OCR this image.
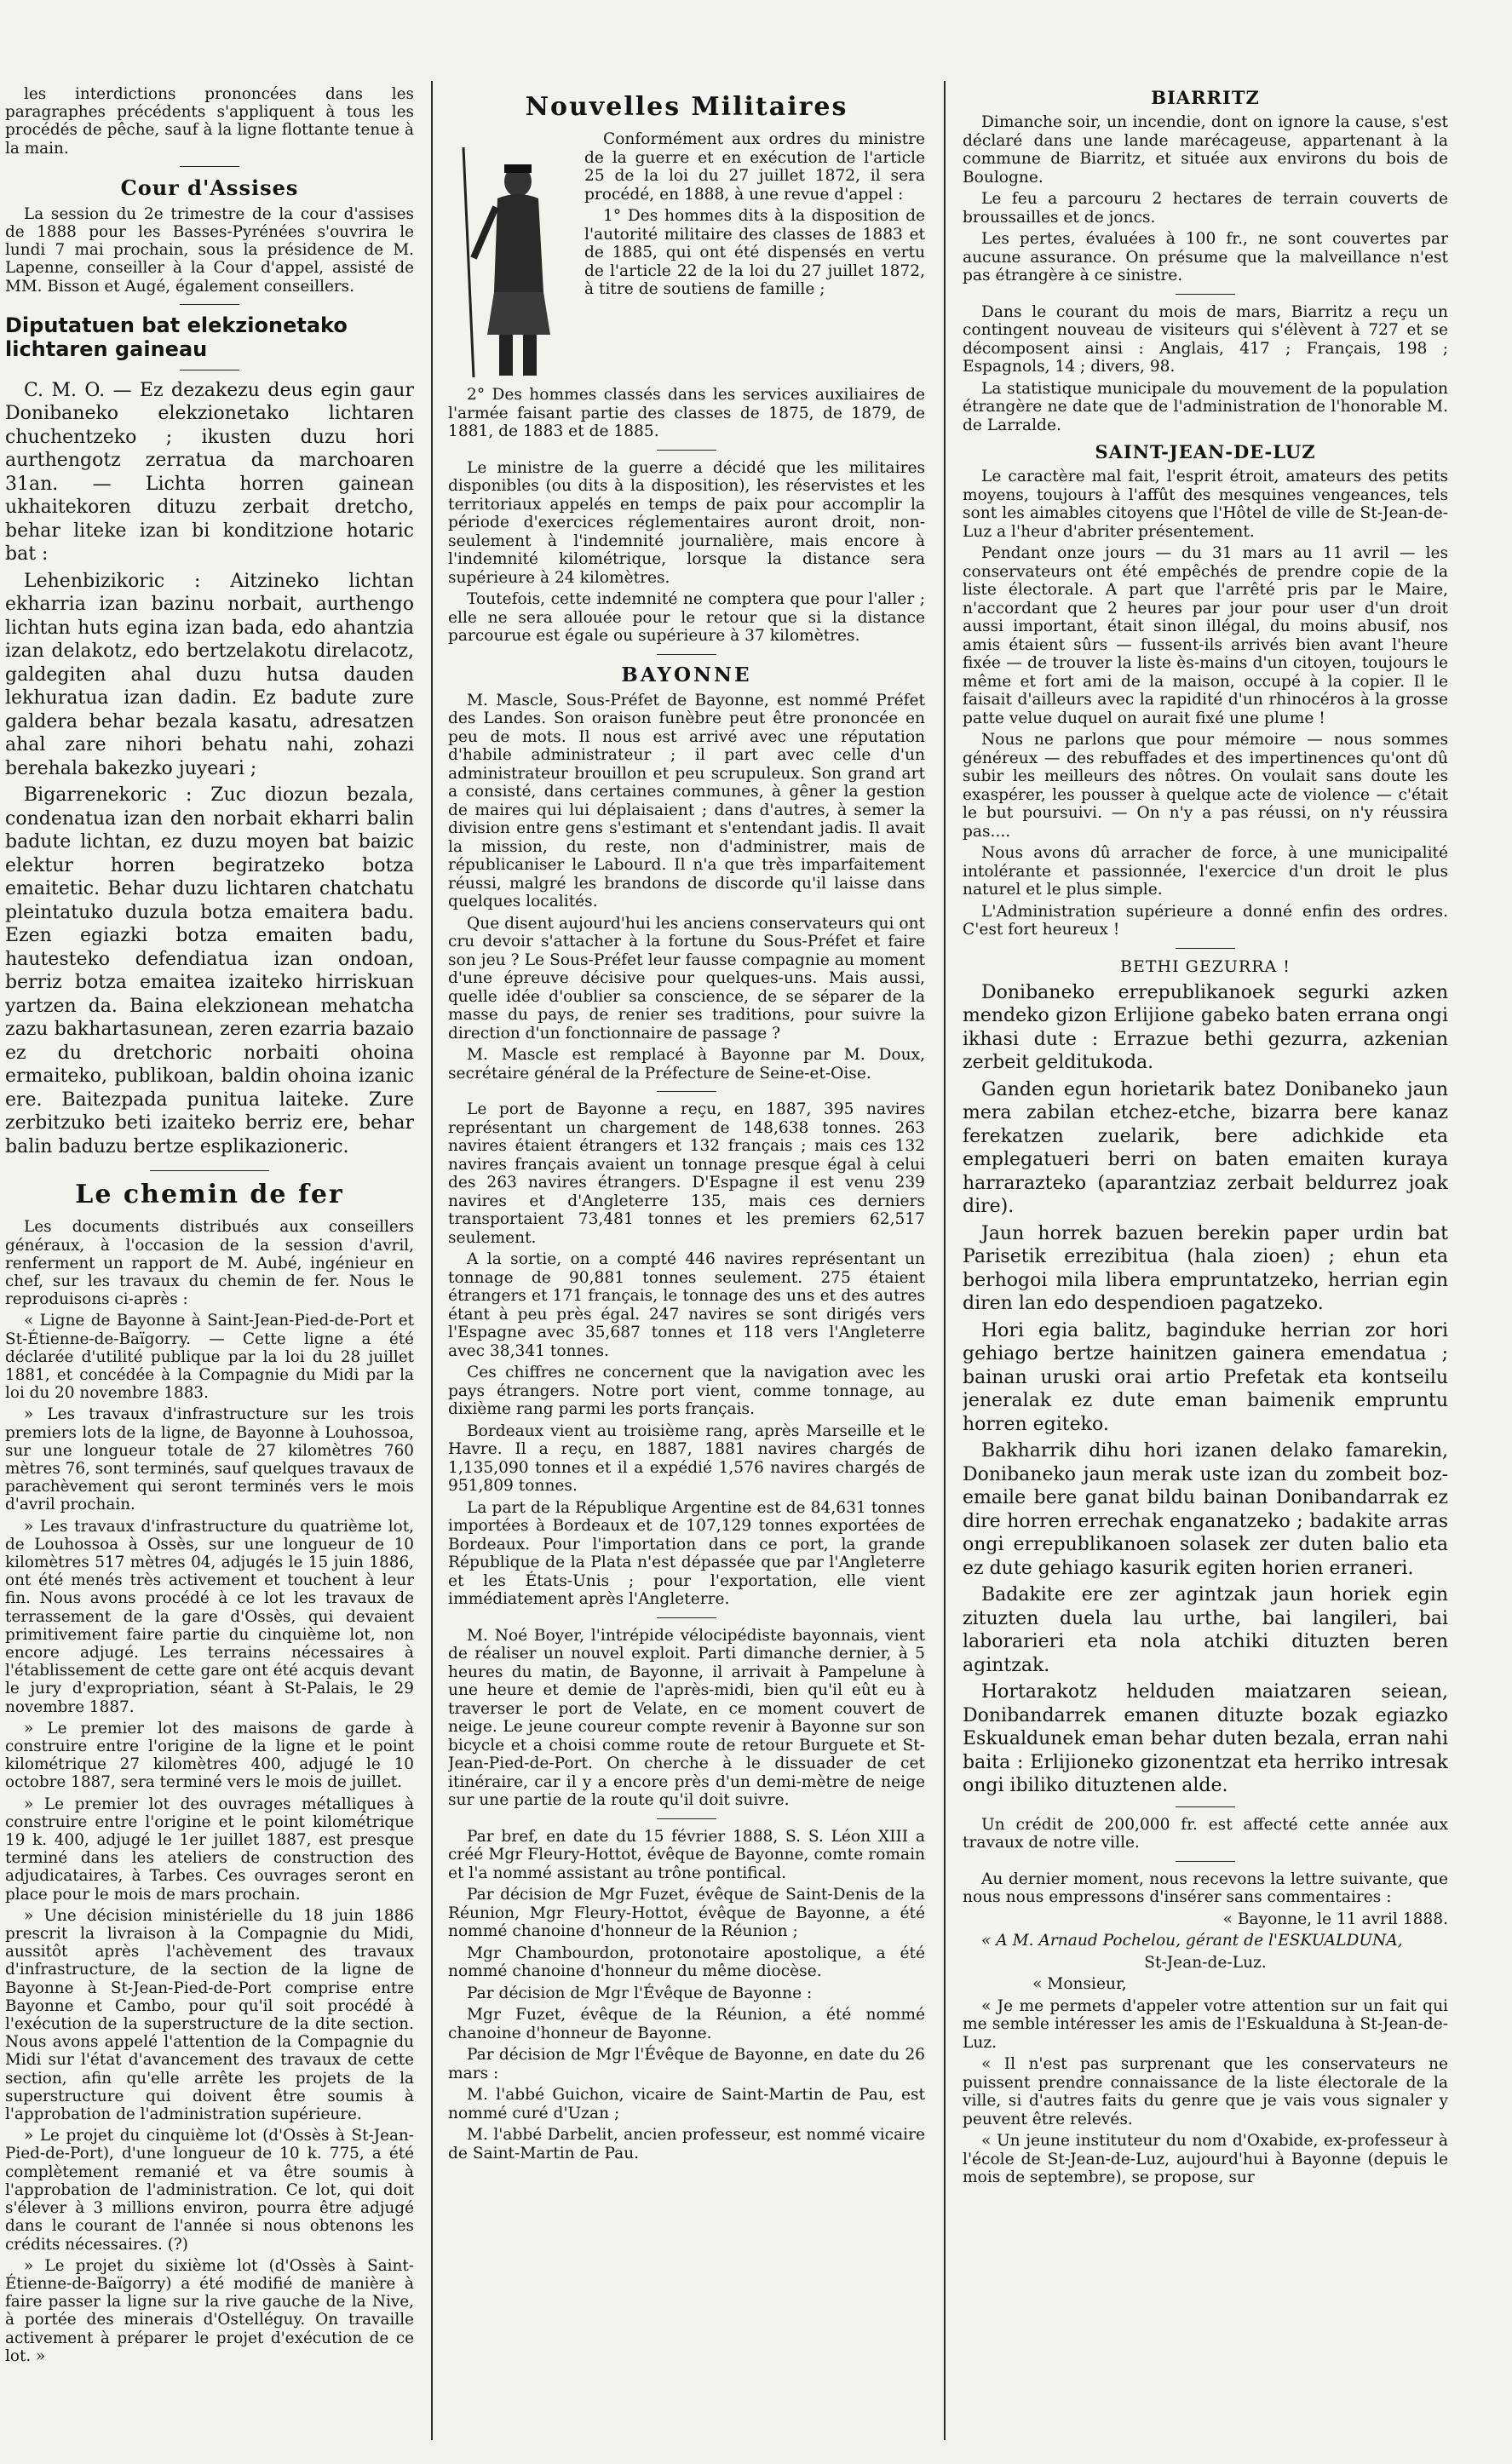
les interdictions prononcées dans les paragraphes précédents s'appliquent à tous les procédés de pêche, sauf à la ligne flottante tenue à la main.

Cour d'Assises

La session du 2e trimestre de la cour d'assises de 1888 pour les Basses-Pyrénées s'ouvrira le lundi 7 mai prochain, sous la présidence de M. Lapenne, conseiller à la Cour d'appel, assisté de MM. Bisson et Augé, également conseillers.

Diputatuen bat elekzionetako lichtaren gaineau

C. M. O. — Ez dezakezu deus egin gaur Donibaneko elekzionetako lichtaren chuchentzeko ; ikusten duzu hori aurthengotz zerratua da marchoaren 31an. — Lichta horren gainean ukhaitekoren dituzu zerbait dretcho, behar liteke izan bi konditzione hotaric bat :

Lehenbizikoric : Aitzineko lichtan ekharria izan bazinu norbait, aurthengo lichtan huts egina izan bada, edo ahantzia izan delakotz, edo bertzelakotu direlacotz, galdegiten ahal duzu hutsa dauden lekhuratua izan dadin. Ez badute zure galdera behar bezala kasatu, adresatzen ahal zare nihori behatu nahi, zohazi berehala bakezko juyeari ;

Bigarrenekoric : Zuc diozun bezala, condenatua izan den norbait ekharri balin badute lichtan, ez duzu moyen bat baizic elektur horren begiratzeko botza emaitetic. Behar duzu lichtaren chatchatu pleintatuko duzula botza emaitera badu. Ezen egiazki botza emaiten badu, hautesteko defendiatua izan ondoan, berriz botza emaitea izaiteko hirriskuan yartzen da. Baina elekzionean mehatcha zazu bakhartasunean, zeren ezarria bazaio ez du dretchoric norbaiti ohoina ermaiteko, publikoan, baldin ohoina izanic ere. Baitezpada punitua laiteke. Zure zerbitzuko beti izaiteko berriz ere, behar balin baduzu bertze esplikazioneric.

Le chemin de fer

Les documents distribués aux conseillers généraux, à l'occasion de la session d'avril, renferment un rapport de M. Aubé, ingénieur en chef, sur les travaux du chemin de fer. Nous le reproduisons ci-après :

« Ligne de Bayonne à Saint-Jean-Pied-de-Port et St-Étienne-de-Baïgorry. — Cette ligne a été déclarée d'utilité publique par la loi du 28 juillet 1881, et concédée à la Compagnie du Midi par la loi du 20 novembre 1883.

» Les travaux d'infrastructure sur les trois premiers lots de la ligne, de Bayonne à Louhossoa, sur une longueur totale de 27 kilomètres 760 mètres 76, sont terminés, sauf quelques travaux de parachèvement qui seront terminés vers le mois d'avril prochain.

» Les travaux d'infrastructure du quatrième lot, de Louhossoa à Ossès, sur une longueur de 10 kilomètres 517 mètres 04, adjugés le 15 juin 1886, ont été menés très activement et touchent à leur fin. Nous avons procédé à ce lot les travaux de terrassement de la gare d'Ossès, qui devaient primitivement faire partie du cinquième lot, non encore adjugé. Les terrains nécessaires à l'établissement de cette gare ont été acquis devant le jury d'expropriation, séant à St-Palais, le 29 novembre 1887.

» Le premier lot des maisons de garde à construire entre l'origine de la ligne et le point kilométrique 27 kilomètres 400, adjugé le 10 octobre 1887, sera terminé vers le mois de juillet.

» Le premier lot des ouvrages métalliques à construire entre l'origine et le point kilométrique 19 k. 400, adjugé le 1er juillet 1887, est presque terminé dans les ateliers de construction des adjudicataires, à Tarbes. Ces ouvrages seront en place pour le mois de mars prochain.

» Une décision ministérielle du 18 juin 1886 prescrit la livraison à la Compagnie du Midi, aussitôt après l'achèvement des travaux d'infrastructure, de la section de la ligne de Bayonne à St-Jean-Pied-de-Port comprise entre Bayonne et Cambo, pour qu'il soit procédé à l'exécution de la superstructure de la dite section. Nous avons appelé l'attention de la Compagnie du Midi sur l'état d'avancement des travaux de cette section, afin qu'elle arrête les projets de la superstructure qui doivent être soumis à l'approbation de l'administration supérieure.

» Le projet du cinquième lot (d'Ossès à St-Jean-Pied-de-Port), d'une longueur de 10 k. 775, a été complètement remanié et va être soumis à l'approbation de l'administration. Ce lot, qui doit s'élever à 3 millions environ, pourra être adjugé dans le courant de l'année si nous obtenons les crédits nécessaires. (?)

» Le projet du sixième lot (d'Ossès à Saint-Étienne-de-Baïgorry) a été modifié de manière à faire passer la ligne sur la rive gauche de la Nive, à portée des minerais d'Ostelléguy. On travaille activement à préparer le projet d'exécution de ce lot. »

Nouvelles Militaires

Conformément aux ordres du ministre de la guerre et en exécution de l'article 25 de la loi du 27 juillet 1872, il sera procédé, en 1888, à une revue d'appel :

1° Des hommes dits à la disposition de l'autorité militaire des classes de 1883 et de 1885, qui ont été dispensés en vertu de l'article 22 de la loi du 27 juillet 1872, à titre de soutiens de famille ;

2° Des hommes classés dans les services auxiliaires de l'armée faisant partie des classes de 1875, de 1879, de 1881, de 1883 et de 1885.

Le ministre de la guerre a décidé que les militaires disponibles (ou dits à la disposition), les réservistes et les territoriaux appelés en temps de paix pour accomplir la période d'exercices réglementaires auront droit, non-seulement à l'indemnité journalière, mais encore à l'indemnité kilométrique, lorsque la distance sera supérieure à 24 kilomètres.

Toutefois, cette indemnité ne comptera que pour l'aller ; elle ne sera allouée pour le retour que si la distance parcourue est égale ou supérieure à 37 kilomètres.

BAYONNE

M. Mascle, Sous-Préfet de Bayonne, est nommé Préfet des Landes. Son oraison funèbre peut être prononcée en peu de mots. Il nous est arrivé avec une réputation d'habile administrateur ; il part avec celle d'un administrateur brouillon et peu scrupuleux. Son grand art a consisté, dans certaines communes, à gêner la gestion de maires qui lui déplaisaient ; dans d'autres, à semer la division entre gens s'estimant et s'entendant jadis. Il avait la mission, du reste, non d'administrer, mais de républicaniser le Labourd. Il n'a que très imparfaitement réussi, malgré les brandons de discorde qu'il laisse dans quelques localités.

Que disent aujourd'hui les anciens conservateurs qui ont cru devoir s'attacher à la fortune du Sous-Préfet et faire son jeu ? Le Sous-Préfet leur fausse compagnie au moment d'une épreuve décisive pour quelques-uns. Mais aussi, quelle idée d'oublier sa conscience, de se séparer de la masse du pays, de renier ses traditions, pour suivre la direction d'un fonctionnaire de passage ?

M. Mascle est remplacé à Bayonne par M. Doux, secrétaire général de la Préfecture de Seine-et-Oise.

Le port de Bayonne a reçu, en 1887, 395 navires représentant un chargement de 148,638 tonnes. 263 navires étaient étrangers et 132 français ; mais ces 132 navires français avaient un tonnage presque égal à celui des 263 navires étrangers. D'Espagne il est venu 239 navires et d'Angleterre 135, mais ces derniers transportaient 73,481 tonnes et les premiers 62,517 seulement.

A la sortie, on a compté 446 navires représentant un tonnage de 90,881 tonnes seulement. 275 étaient étrangers et 171 français, le tonnage des uns et des autres étant à peu près égal. 247 navires se sont dirigés vers l'Espagne avec 35,687 tonnes et 118 vers l'Angleterre avec 38,341 tonnes.

Ces chiffres ne concernent que la navigation avec les pays étrangers. Notre port vient, comme tonnage, au dixième rang parmi les ports français.

Bordeaux vient au troisième rang, après Marseille et le Havre. Il a reçu, en 1887, 1881 navires chargés de 1,135,090 tonnes et il a expédié 1,576 navires chargés de 951,809 tonnes.

La part de la République Argentine est de 84,631 tonnes importées à Bordeaux et de 107,129 tonnes exportées de Bordeaux. Pour l'importation dans ce port, la grande République de la Plata n'est dépassée que par l'Angleterre et les États-Unis ; pour l'exportation, elle vient immédiatement après l'Angleterre.

M. Noé Boyer, l'intrépide vélocipédiste bayonnais, vient de réaliser un nouvel exploit. Parti dimanche dernier, à 5 heures du matin, de Bayonne, il arrivait à Pampelune à une heure et demie de l'après-midi, bien qu'il eût eu à traverser le port de Velate, en ce moment couvert de neige. Le jeune coureur compte revenir à Bayonne sur son bicycle et a choisi comme route de retour Burguete et St-Jean-Pied-de-Port. On cherche à le dissuader de cet itinéraire, car il y a encore près d'un demi-mètre de neige sur une partie de la route qu'il doit suivre.

Par bref, en date du 15 février 1888, S. S. Léon XIII a créé Mgr Fleury-Hottot, évêque de Bayonne, comte romain et l'a nommé assistant au trône pontifical.

Par décision de Mgr Fuzet, évêque de Saint-Denis de la Réunion, Mgr Fleury-Hottot, évêque de Bayonne, a été nommé chanoine d'honneur de la Réunion ;

Mgr Chambourdon, protonotaire apostolique, a été nommé chanoine d'honneur du même diocèse.

Par décision de Mgr l'Évêque de Bayonne :

Mgr Fuzet, évêque de la Réunion, a été nommé chanoine d'honneur de Bayonne.

Par décision de Mgr l'Évêque de Bayonne, en date du 26 mars :

M. l'abbé Guichon, vicaire de Saint-Martin de Pau, est nommé curé d'Uzan ;

M. l'abbé Darbelit, ancien professeur, est nommé vicaire de Saint-Martin de Pau.

BIARRITZ

Dimanche soir, un incendie, dont on ignore la cause, s'est déclaré dans une lande marécageuse, appartenant à la commune de Biarritz, et située aux environs du bois de Boulogne.

Le feu a parcouru 2 hectares de terrain couverts de broussailles et de joncs.

Les pertes, évaluées à 100 fr., ne sont couvertes par aucune assurance. On présume que la malveillance n'est pas étrangère à ce sinistre.

Dans le courant du mois de mars, Biarritz a reçu un contingent nouveau de visiteurs qui s'élèvent à 727 et se décomposent ainsi : Anglais, 417 ; Français, 198 ; Espagnols, 14 ; divers, 98.

La statistique municipale du mouvement de la population étrangère ne date que de l'administration de l'honorable M. de Larralde.

SAINT-JEAN-DE-LUZ

Le caractère mal fait, l'esprit étroit, amateurs des petits moyens, toujours à l'affût des mesquines vengeances, tels sont les aimables citoyens que l'Hôtel de ville de St-Jean-de-Luz a l'heur d'abriter présentement.

Pendant onze jours — du 31 mars au 11 avril — les conservateurs ont été empêchés de prendre copie de la liste électorale. A part que l'arrêté pris par le Maire, n'accordant que 2 heures par jour pour user d'un droit aussi important, était sinon illégal, du moins abusif, nos amis étaient sûrs — fussent-ils arrivés bien avant l'heure fixée — de trouver la liste ès-mains d'un citoyen, toujours le même et fort ami de la maison, occupé à la copier. Il le faisait d'ailleurs avec la rapidité d'un rhinocéros à la grosse patte velue duquel on aurait fixé une plume !

Nous ne parlons que pour mémoire — nous sommes généreux — des rebuffades et des impertinences qu'ont dû subir les meilleurs des nôtres. On voulait sans doute les exaspérer, les pousser à quelque acte de violence — c'était le but poursuivi. — On n'y a pas réussi, on n'y réussira pas....

Nous avons dû arracher de force, à une municipalité intolérante et passionnée, l'exercice d'un droit le plus naturel et le plus simple.

L'Administration supérieure a donné enfin des ordres. C'est fort heureux !

BETHI GEZURRA !

Donibaneko errepublikanoek segurki azken mendeko gizon Erlijione gabeko baten errana ongi ikhasi dute : Errazue bethi gezurra, azkenian zerbeit gelditukoda.

Ganden egun horietarik batez Donibaneko jaun mera zabilan etchez-etche, bizarra bere kanaz ferekatzen zuelarik, bere adichkide eta emplegatueri berri on baten emaiten kuraya harrarazteko (aparantziaz zerbait beldurrez joak dire).

Jaun horrek bazuen berekin paper urdin bat Parisetik errezibitua (hala zioen) ; ehun eta berhogoi mila libera empruntatzeko, herrian egin diren lan edo despendioen pagatzeko.

Hori egia balitz, baginduke herrian zor hori gehiago bertze hainitzen gainera emendatua ; bainan uruski orai artio Prefetak eta kontseilu jeneralak ez dute eman baimenik empruntu horren egiteko.

Bakharrik dihu hori izanen delako famarekin, Donibaneko jaun merak uste izan du zombeit boz-emaile bere ganat bildu bainan Donibandarrak ez dire horren errechak enganatzeko ; badakite arras ongi errepublikanoen solasek zer duten balio eta ez dute gehiago kasurik egiten horien erraneri.

Badakite ere zer agintzak jaun horiek egin zituzten duela lau urthe, bai langileri, bai laborarieri eta nola atchiki dituzten beren agintzak.

Hortarakotz helduden maiatzaren seiean, Donibandarrek emanen dituzte bozak egiazko Eskualdunek eman behar duten bezala, erran nahi baita : Erlijioneko gizonentzat eta herriko intresak ongi ibiliko dituztenen alde.

Un crédit de 200,000 fr. est affecté cette année aux travaux de notre ville.

Au dernier moment, nous recevons la lettre suivante, que nous nous empressons d'insérer sans commentaires :

« Bayonne, le 11 avril 1888.

« A M. Arnaud Pochelou, gérant de l'ESKUALDUNA,

St-Jean-de-Luz.

« Monsieur,

« Je me permets d'appeler votre attention sur un fait qui me semble intéresser les amis de l'Eskualduna à St-Jean-de-Luz.

« Il n'est pas surprenant que les conservateurs ne puissent prendre connaissance de la liste électorale de la ville, si d'autres faits du genre que je vais vous signaler y peuvent être relevés.

« Un jeune instituteur du nom d'Oxabide, ex-professeur à l'école de St-Jean-de-Luz, aujourd'hui à Bayonne (depuis le mois de septembre), se propose, sur
